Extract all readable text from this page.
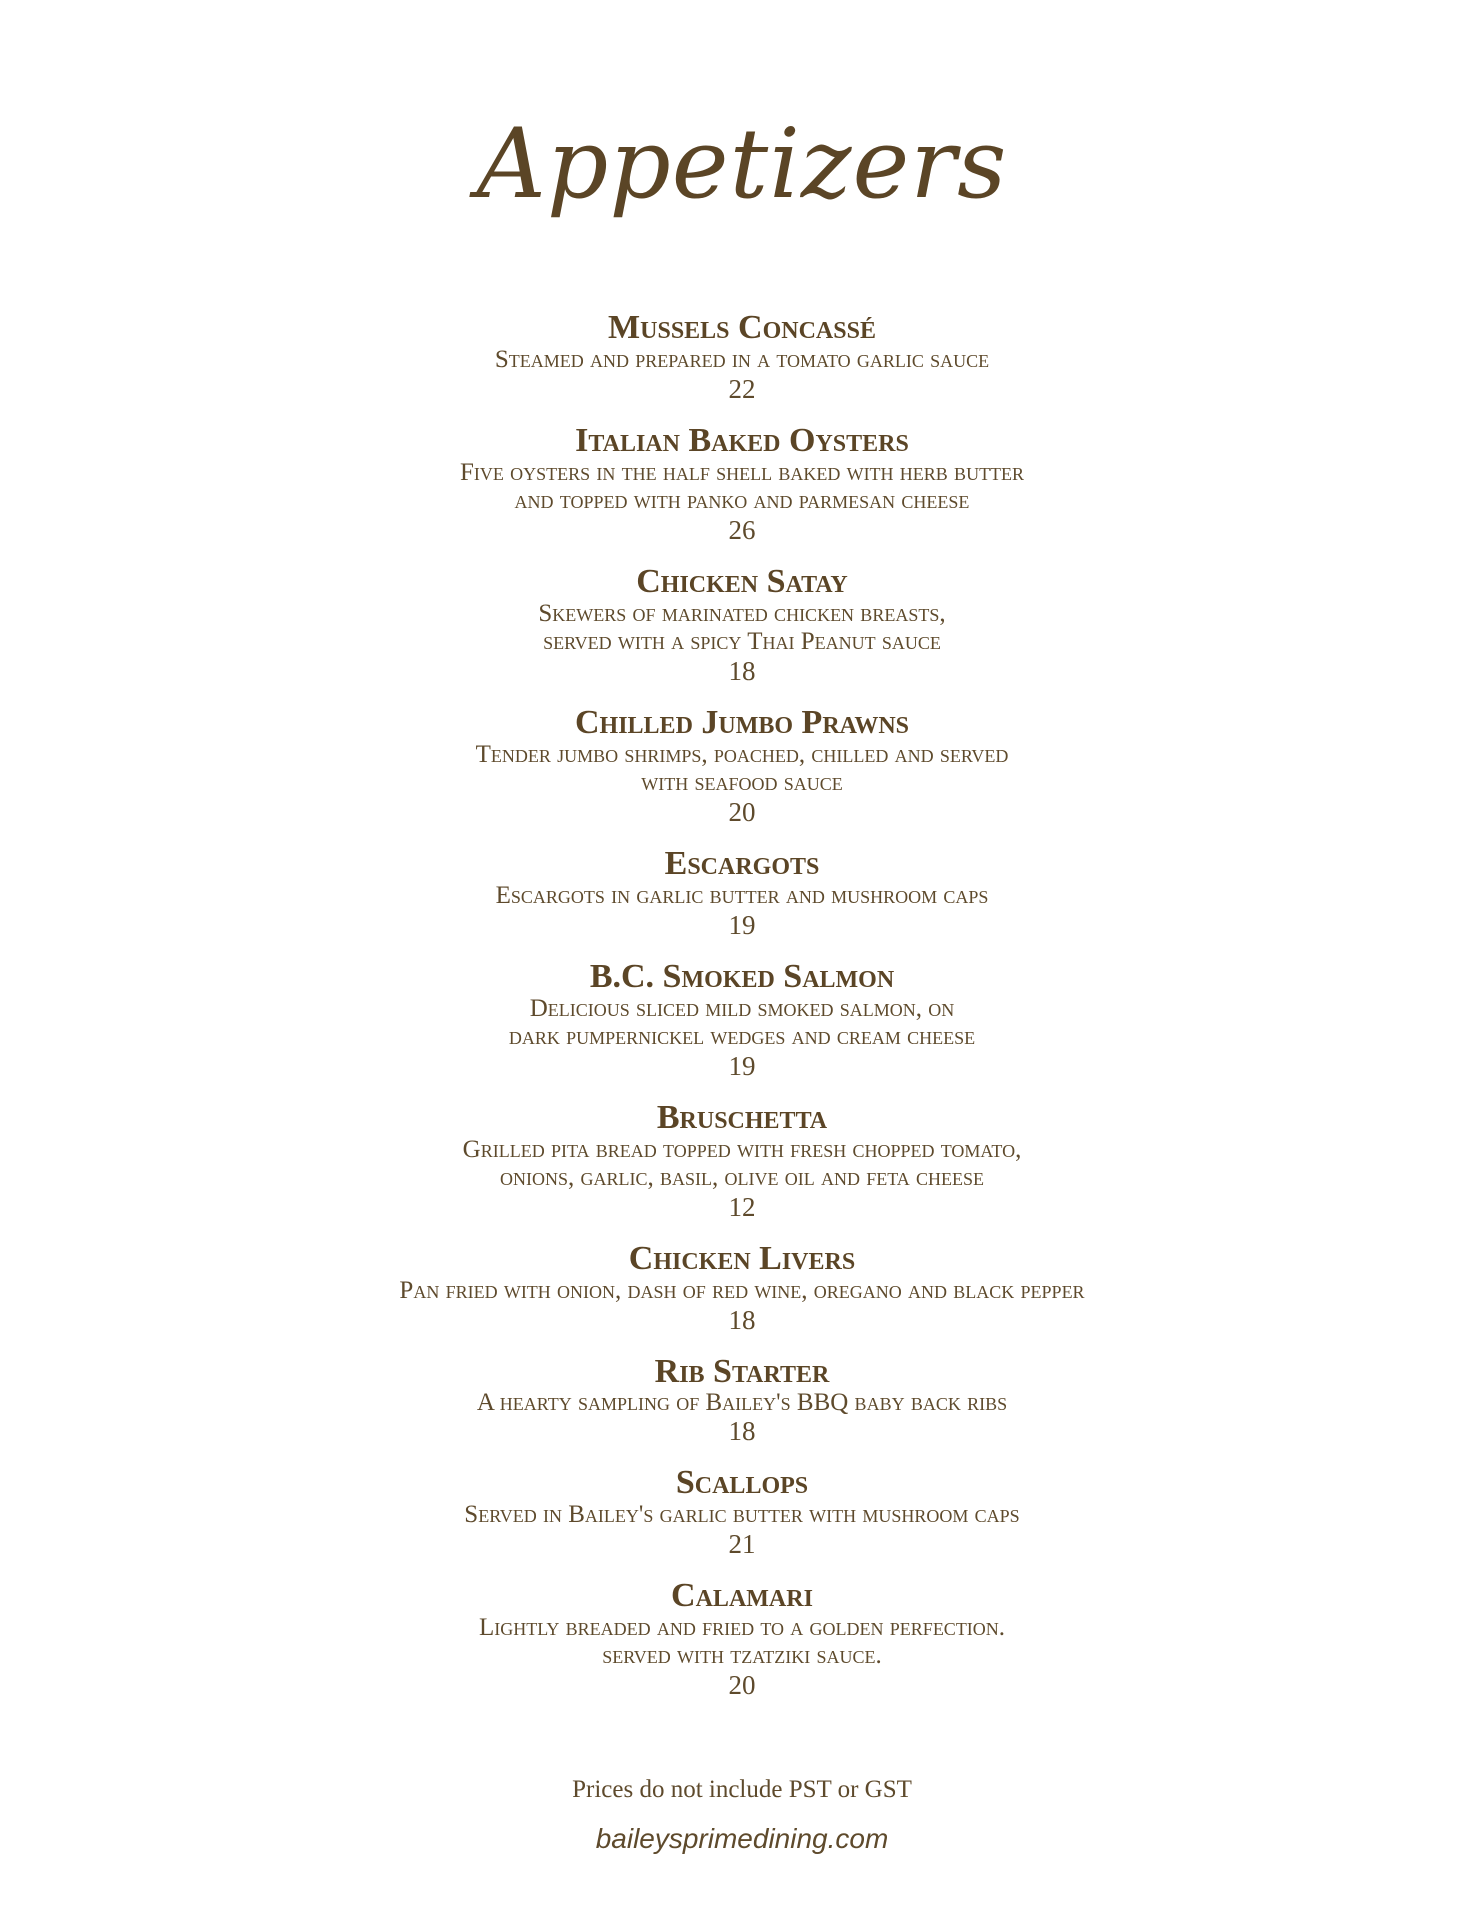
Appetizers
Mussels Concassé
Steamed and prepared in a tomato garlic sauce
22
Italian Baked Oysters
Five oysters in the half shell baked with herb butter
and topped with panko and parmesan cheese
26
Chicken Satay
Skewers of marinated chicken breasts,
served with a spicy Thai Peanut sauce
18
Chilled Jumbo Prawns
Tender jumbo shrimps, poached, chilled and served
with seafood sauce
20
Escargots
Escargots in garlic butter and mushroom caps
19
B.C. Smoked Salmon
Delicious sliced mild smoked salmon, on
dark pumpernickel wedges and cream cheese
19
Bruschetta
Grilled pita bread topped with fresh chopped tomato,
onions, garlic, basil, olive oil and feta cheese
12
Chicken Livers
Pan fried with onion, dash of red wine, oregano and black pepper
18
Rib Starter
A hearty sampling of Bailey's BBQ baby back ribs
18
Scallops
Served in Bailey's garlic butter with mushroom caps
21
Calamari
Lightly breaded and fried to a golden perfection.
served with tzatziki sauce.
20
Prices do not include PST or GST
baileysprimedining.com
